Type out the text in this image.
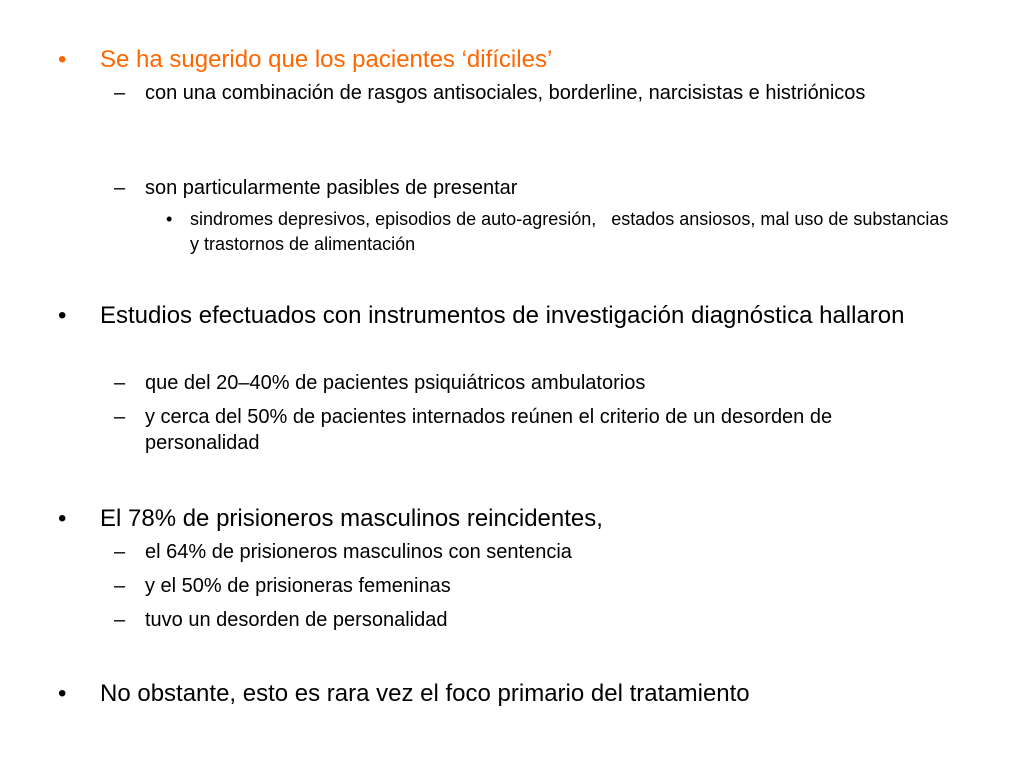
•	Se ha sugerido que los pacientes ‘difíciles’
– con una combinación de rasgos antisociales, borderline, narcisistas e histriónicos
– son particularmente pasibles de presentar
• sindromes depresivos, episodios de auto-agresión,   estados ansiosos, mal uso de substancias y trastornos de alimentación
•	Estudios efectuados con instrumentos de investigación diagnóstica hallaron
– que del 20–40% de pacientes psiquiátricos ambulatorios
– y cerca del 50% de pacientes internados reúnen el criterio de un desorden de personalidad
•	El 78% de prisioneros masculinos reincidentes,
– el 64% de prisioneros masculinos con sentencia
– y el 50% de prisioneras femeninas
– tuvo un desorden de personalidad
•	No obstante, esto es rara vez el foco primario del tratamiento
